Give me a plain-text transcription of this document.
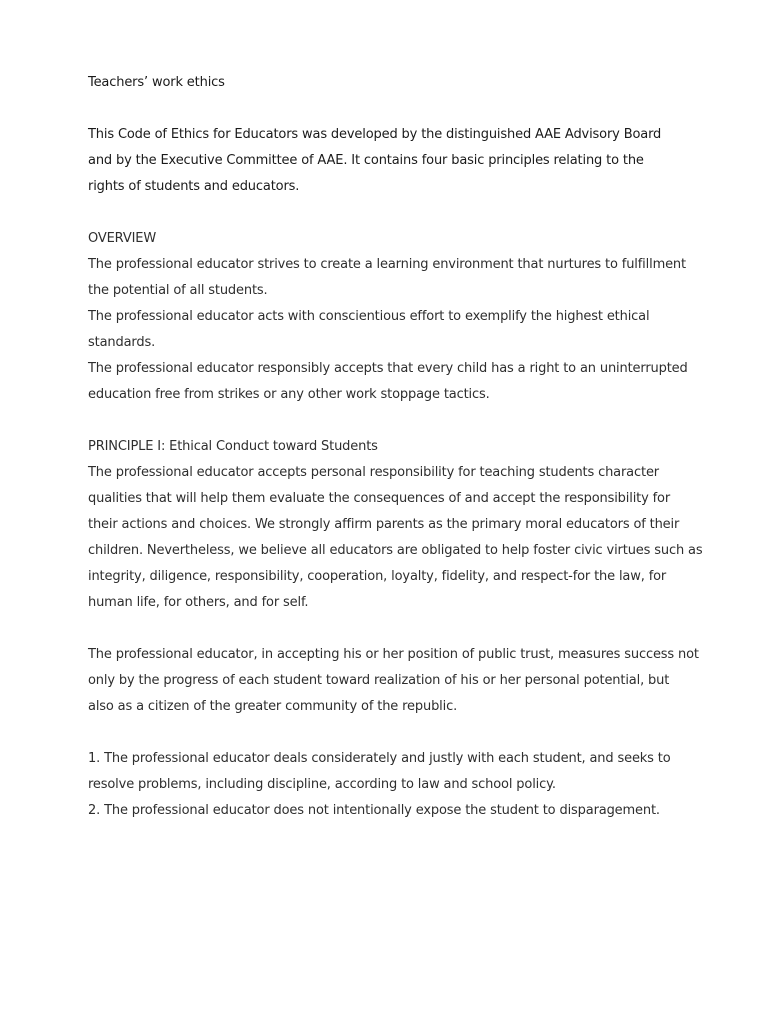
Teachers’ work ethics

This Code of Ethics for Educators was developed by the distinguished AAE Advisory Board
and by the Executive Committee of AAE. It contains four basic principles relating to the
rights of students and educators.

OVERVIEW
The professional educator strives to create a learning environment that nurtures to fulfillment
the potential of all students.
The professional educator acts with conscientious effort to exemplify the highest ethical
standards.
The professional educator responsibly accepts that every child has a right to an uninterrupted
education free from strikes or any other work stoppage tactics.

PRINCIPLE I: Ethical Conduct toward Students
The professional educator accepts personal responsibility for teaching students character
qualities that will help them evaluate the consequences of and accept the responsibility for
their actions and choices. We strongly affirm parents as the primary moral educators of their
children. Nevertheless, we believe all educators are obligated to help foster civic virtues such as
integrity, diligence, responsibility, cooperation, loyalty, fidelity, and respect-for the law, for
human life, for others, and for self.

The professional educator, in accepting his or her position of public trust, measures success not
only by the progress of each student toward realization of his or her personal potential, but
also as a citizen of the greater community of the republic.

1. The professional educator deals considerately and justly with each student, and seeks to
resolve problems, including discipline, according to law and school policy.
2. The professional educator does not intentionally expose the student to disparagement.
